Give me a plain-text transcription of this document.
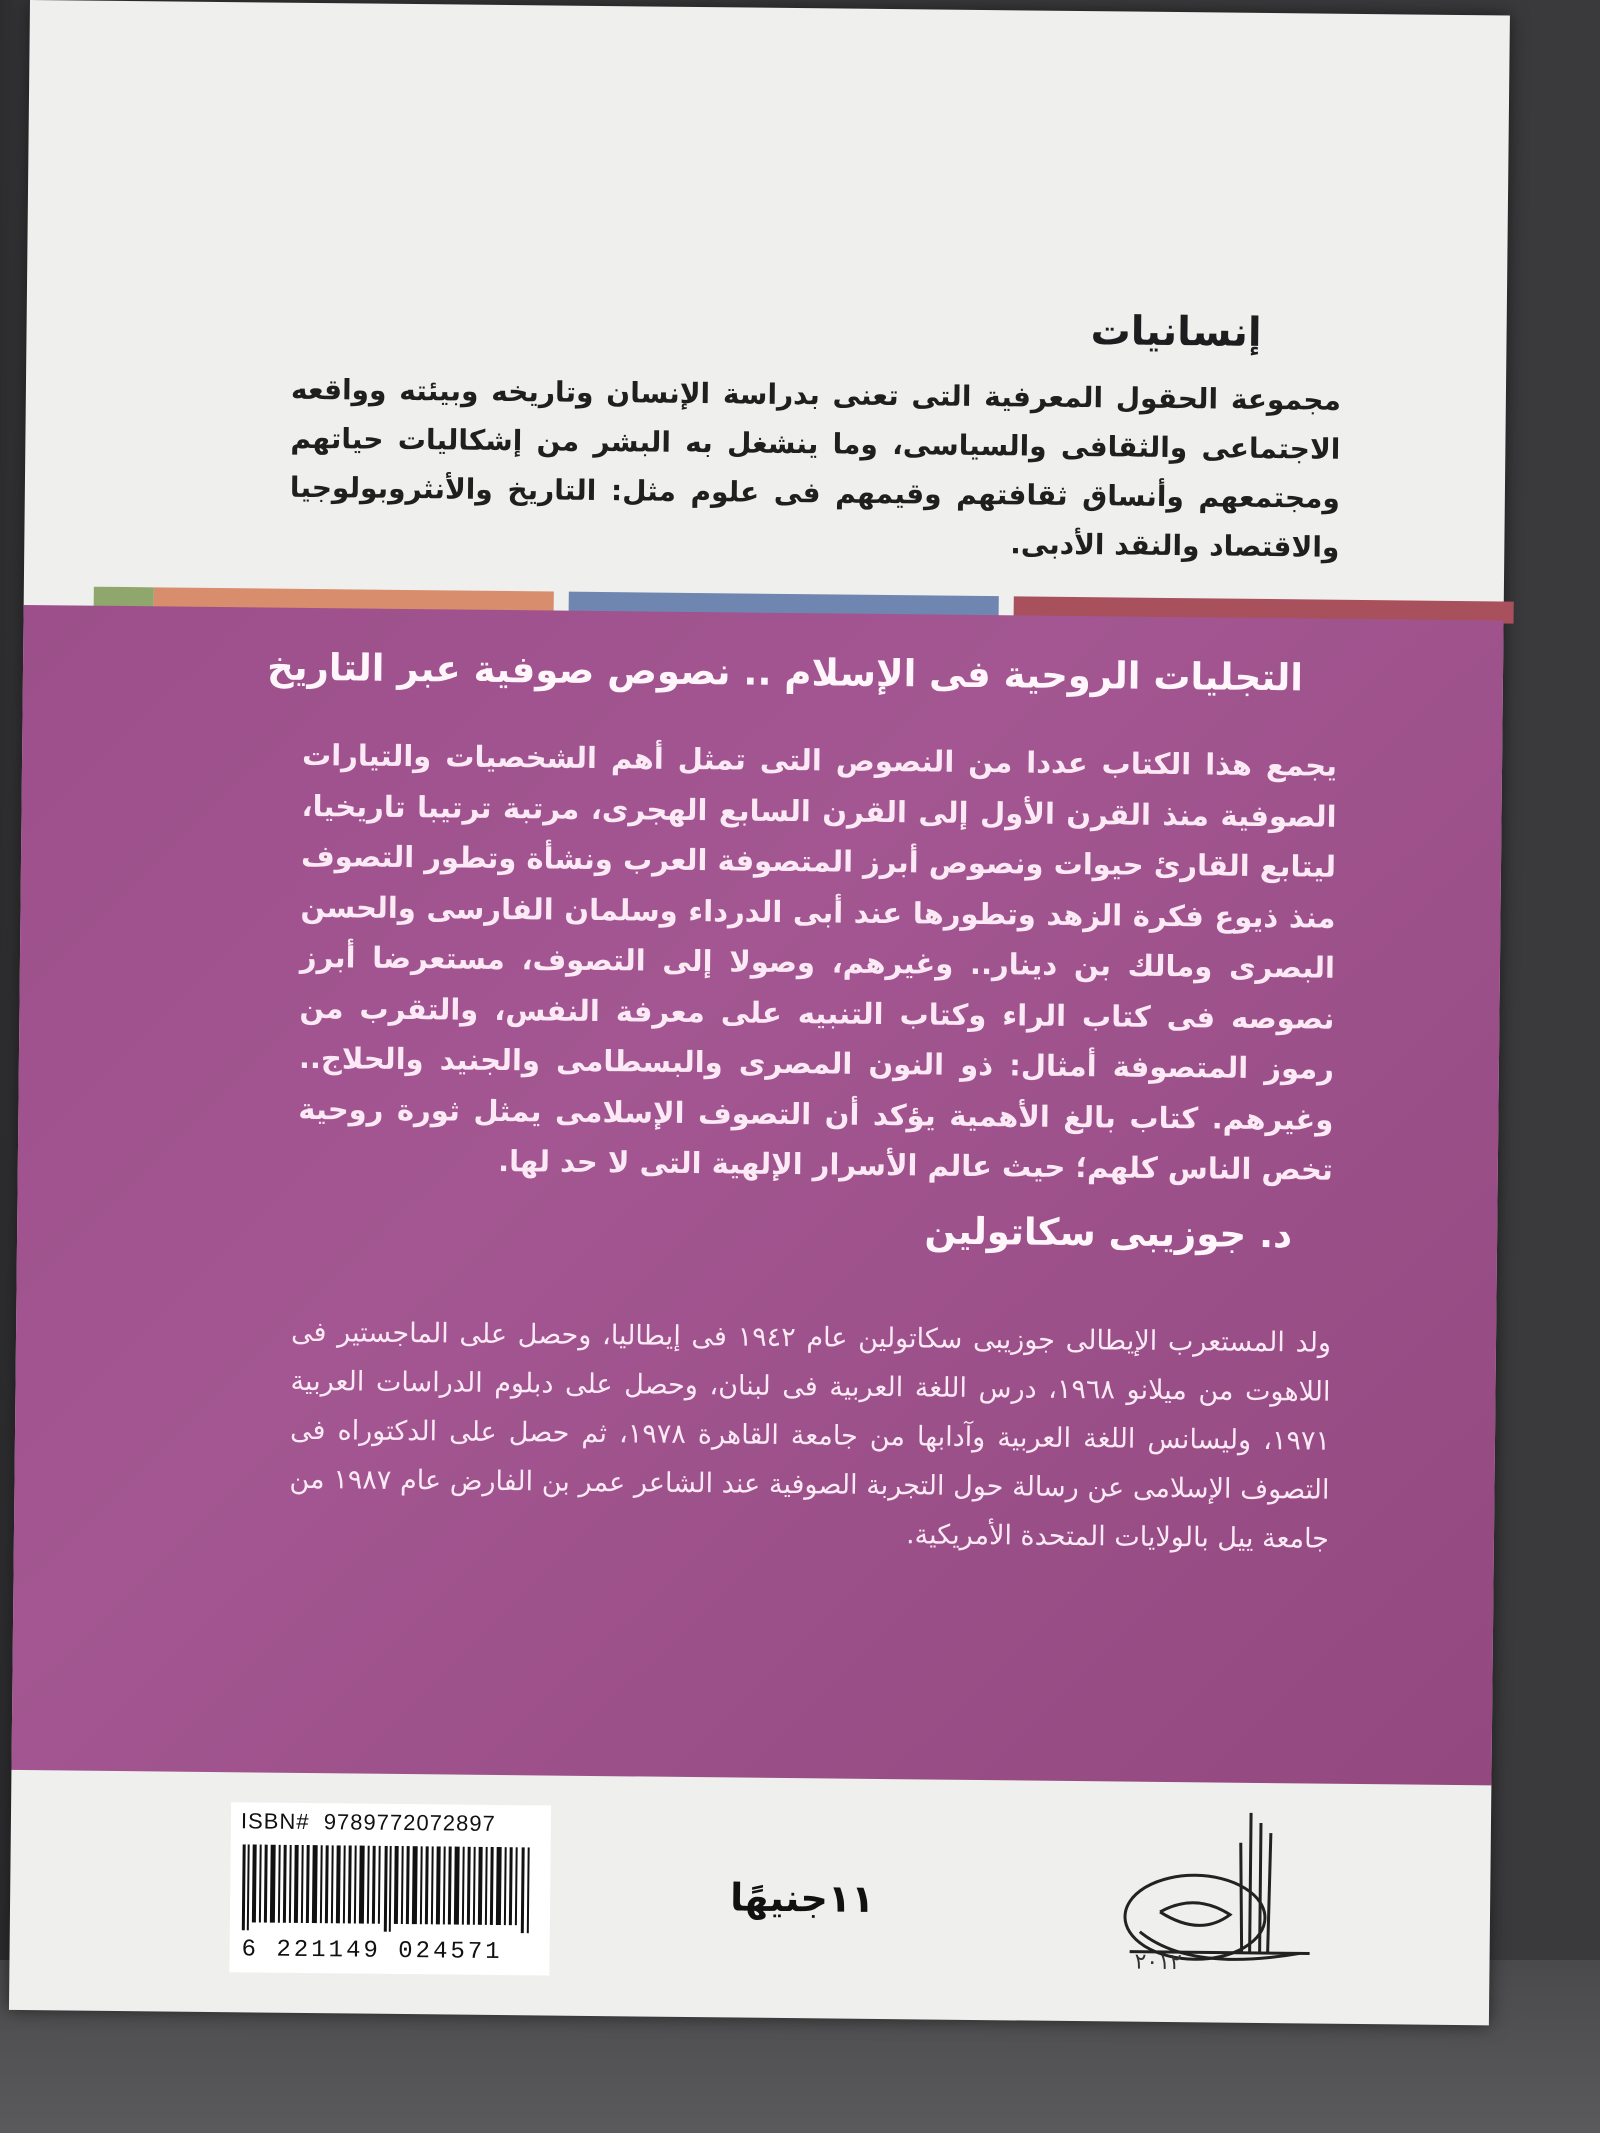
إنسانيات
مجموعة الحقول المعرفية التى تعنى بدراسة الإنسان وتاريخه وبيئته وواقعه الاجتماعى والثقافى والسياسى، وما ينشغل به البشر من إشكاليات حياتهم ومجتمعهم وأنساق ثقافتهم وقيمهم فى علوم مثل: التاريخ والأنثروبولوجيا والاقتصاد والنقد الأدبى.
التجليات الروحية فى الإسلام .. نصوص صوفية عبر التاريخ
يجمع هذا الكتاب عددا من النصوص التى تمثل أهم الشخصيات والتيارات الصوفية منذ القرن الأول إلى القرن السابع الهجرى، مرتبة ترتيبا تاريخيا، ليتابع القارئ حيوات ونصوص أبرز المتصوفة العرب ونشأة وتطور التصوف منذ ذيوع فكرة الزهد وتطورها عند أبى الدرداء وسلمان الفارسى والحسن البصرى ومالك بن دينار.. وغيرهم، وصولا إلى التصوف، مستعرضا أبرز نصوصه فى كتاب الراء وكتاب التنبيه على معرفة النفس، والتقرب من رموز المتصوفة أمثال: ذو النون المصرى والبسطامى والجنيد والحلاج.. وغيرهم. كتاب بالغ الأهمية يؤكد أن التصوف الإسلامى يمثل ثورة روحية تخص الناس كلهم؛ حيث عالم الأسرار الإلهية التى لا حد لها.
د. جوزيبى سكاتولين
ولد المستعرب الإيطالى جوزيبى سكاتولين عام ١٩٤٢ فى إيطاليا، وحصل على الماجستير فى اللاهوت من ميلانو ١٩٦٨، درس اللغة العربية فى لبنان، وحصل على دبلوم الدراسات العربية ١٩٧١، وليسانس اللغة العربية وآدابها من جامعة القاهرة ١٩٧٨، ثم حصل على الدكتوراه فى التصوف الإسلامى عن رسالة حول التجربة الصوفية عند الشاعر عمر بن الفارض عام ١٩٨٧ من جامعة ييل بالولايات المتحدة الأمريكية.
ISBN# 9789772072897
6 221149 024571
١١جنيهًا
٢٠١٢
